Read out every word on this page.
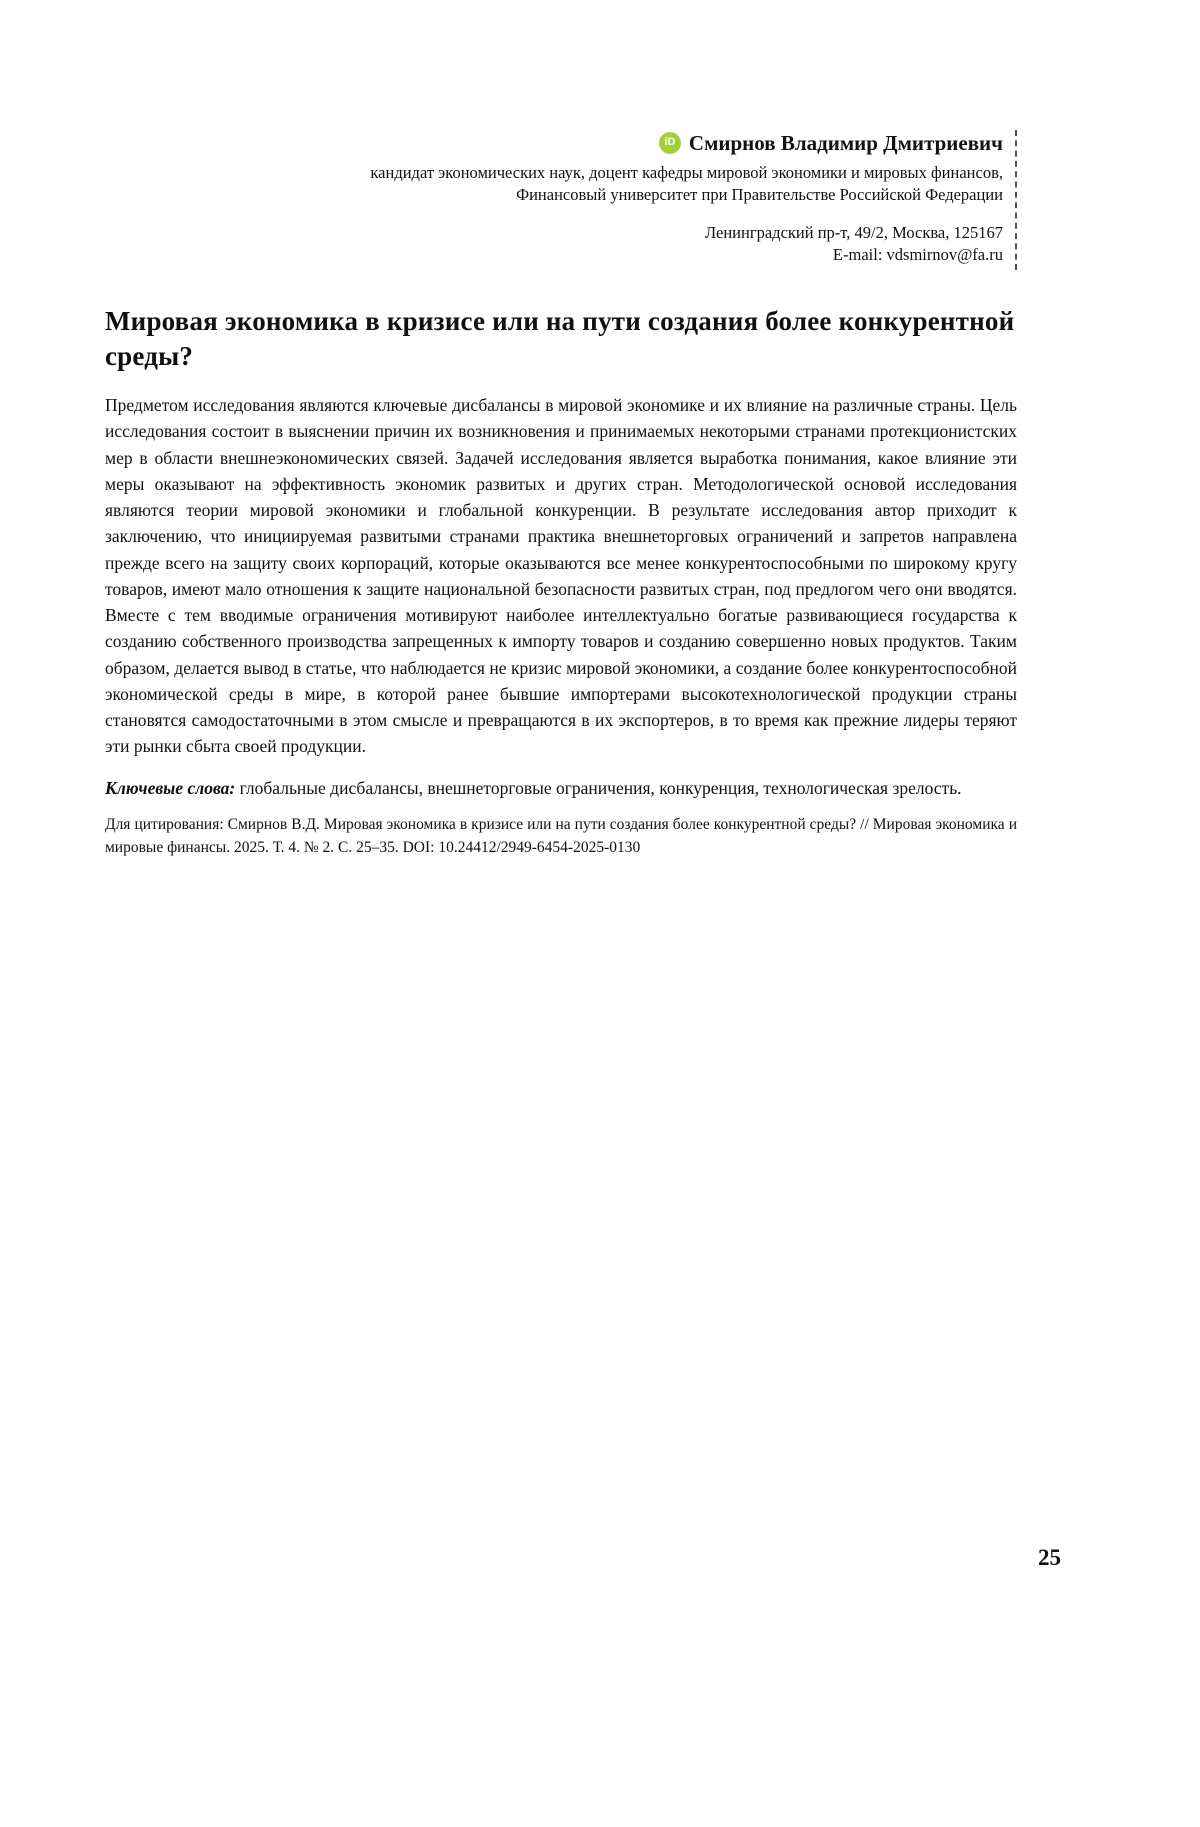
iD Смирнов Владимир Дмитриевич
кандидат экономических наук, доцент кафедры мировой экономики и мировых финансов,
Финансовый университет при Правительстве Российской Федерации
Ленинградский пр-т, 49/2, Москва, 125167
E-mail: vdsmirnov@fa.ru
Мировая экономика в кризисе или на пути создания более конкурентной среды?

Предметом исследования являются ключевые дисбалансы в мировой экономике и их влияние на различные страны. Цель исследования состоит в выяснении причин их возникновения и принимаемых некоторыми странами протекционистских мер в области внешнеэкономических связей. Задачей исследования является выработка понимания, какое влияние эти меры оказывают на эффективность экономик развитых и других стран. Методологической основой исследования являются теории мировой экономики и глобальной конкуренции. В результате исследования автор приходит к заключению, что инициируемая развитыми странами практика внешнеторговых ограничений и запретов направлена прежде всего на защиту своих корпораций, которые оказываются все менее конкурентоспособными по широкому кругу товаров, имеют мало отношения к защите национальной безопасности развитых стран, под предлогом чего они вводятся. Вместе с тем вводимые ограничения мотивируют наиболее интеллектуально богатые развивающиеся государства к созданию собственного производства запрещенных к импорту товаров и созданию совершенно новых продуктов. Таким образом, делается вывод в статье, что наблюдается не кризис мировой экономики, а создание более конкурентоспособной экономической среды в мире, в которой ранее бывшие импортерами высокотехнологической продукции страны становятся самодостаточными в этом смысле и превращаются в их экспортеров, в то время как прежние лидеры теряют эти рынки сбыта своей продукции.

Ключевые слова: глобальные дисбалансы, внешнеторговые ограничения, конкуренция, технологическая зрелость.

Для цитирования: Смирнов В.Д. Мировая экономика в кризисе или на пути создания более конкурентной среды? // Мировая экономика и мировые финансы. 2025. Т. 4. № 2. С. 25–35. DOI: 10.24412/2949-6454-2025-0130

25
